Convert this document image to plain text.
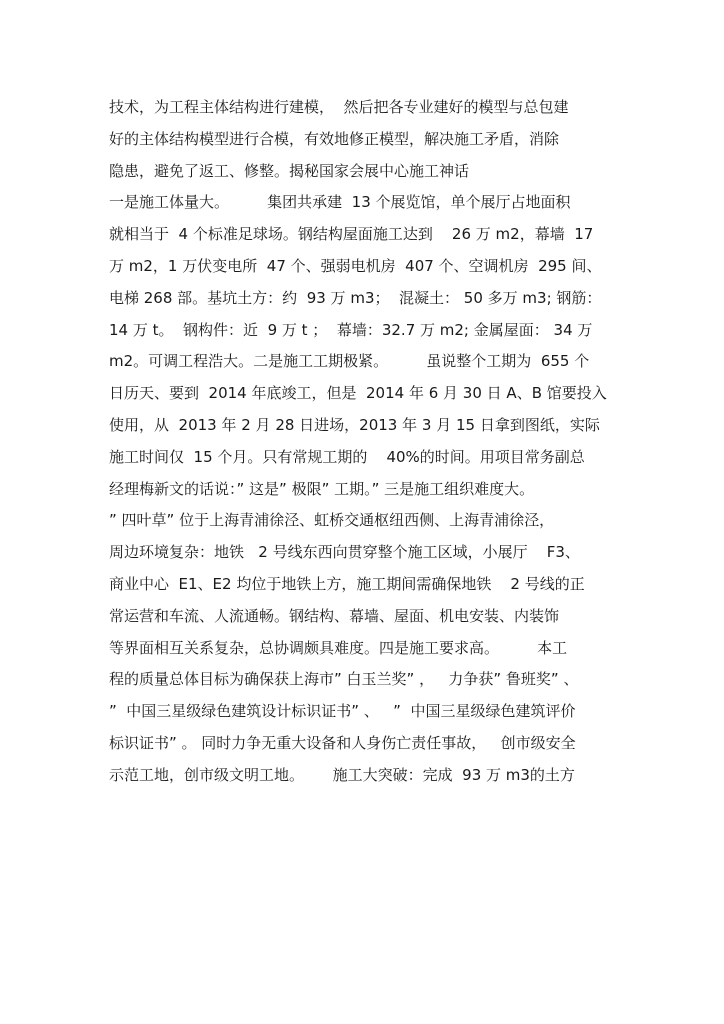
技术，为工程主体结构进行建模，  然后把各专业建好的模型与总包建
好的主体结构模型进行合模，有效地修正模型，解决施工矛盾，消除
隐患，避免了返工、修整。揭秘国家会展中心施工神话
一是施工体量大。        集团共承建  13 个展览馆，单个展厅占地面积
就相当于  4 个标准足球场。钢结构屋面施工达到    26 万 m2，幕墙  17
万 m2，1 万伏变电所  47 个、强弱电机房  407 个、空调机房  295 间、
电梯 268 部。基坑土方：约  93 万 m3；  混凝土： 50 多万 m3; 钢筋：
14 万 t。  钢构件：近  9 万 t ；  幕墙：32.7 万 m2; 金属屋面： 34 万
m2。可调工程浩大。二是施工工期极紧。        虽说整个工期为  655 个
日历天、要到  2014 年底竣工，但是  2014 年 6 月 30 日 A、B 馆要投入
使用，从  2013 年 2 月 28 日进场，2013 年 3 月 15 日拿到图纸，实际
施工时间仅  15 个月。只有常规工期的    40%的时间。用项目常务副总
经理梅新文的话说：” 这是” 极限” 工期。” 三是施工组织难度大。
” 四叶草” 位于上海青浦徐泾、虹桥交通枢纽西侧、上海青浦徐泾，
周边环境复杂：地铁   2 号线东西向贯穿整个施工区域，小展厅    F3、
商业中心  E1、E2 均位于地铁上方，施工期间需确保地铁    2 号线的正
常运营和车流、人流通畅。钢结构、幕墙、屋面、机电安装、内装饰
等界面相互关系复杂，总协调颇具难度。四是施工要求高。        本工
程的质量总体目标为确保获上海市” 白玉兰奖” ，   力争获” 鲁班奖” 、
”  中国三星级绿色建筑设计标识证书” 、   ”  中国三星级绿色建筑评价
标识证书” 。 同时力争无重大设备和人身伤亡责任事故，   创市级安全
示范工地，创市级文明工地。      施工大突破：完成  93 万 m3的土方
